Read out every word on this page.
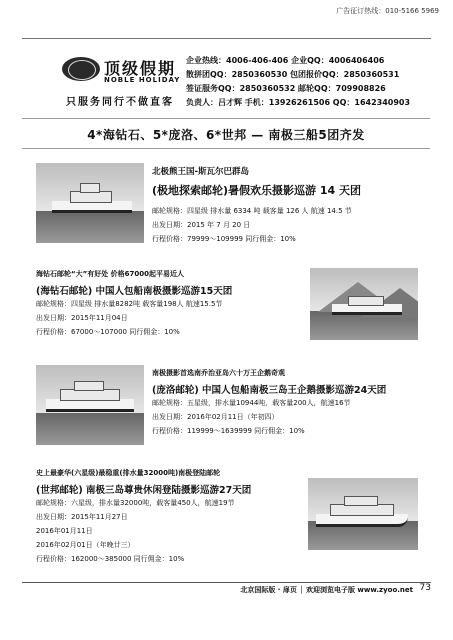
广告征订热线：010-5166 5969
顶级假期
NOBLE HOLIDAY
只服务同行不做直客
企业热线：4006-406-406 企业QQ：4006406406
散拼团QQ：2850360530 包团报价QQ：2850360531
签证服务QQ：2850360532 邮轮QQ：709908826
负责人：吕才辉 手机：13926261506 QQ：1642340903
4*海钻石、5*庞洛、6*世邦 — 南极三船5团齐发
北极熊王国-斯瓦尔巴群岛
(极地探索邮轮)暑假欢乐摄影巡游 14 天团
邮轮规格：四星级 排水量 6334 吨 载客量 126 人 航速 14.5 节
出发日期：2015 年 7 月 20 日
行程价格：79999～109999 同行佣金：10%
海钻石邮轮“大”有好处 价格67000起平易近人
(海钻石邮轮) 中国人包船南极摄影巡游15天团
邮轮规格：四星级 排水量8282吨 载客量198人 航速15.5节
出发日期：2015年11月04日
行程价格：67000～107000 同行佣金：10%
南极摄影首选南乔治亚岛六十万王企鹅奇观
(庞洛邮轮) 中国人包船南极三岛王企鹅摄影巡游24天团
邮轮规格：五星级，排水量10944吨，载客量200人，航速16节
出发日期：2016年02月11日（年初四）
行程价格：119999～1639999 同行佣金：10%
史上最豪华(六星级)最稳重(排水量32000吨)南极登陆邮轮
(世邦邮轮) 南极三岛尊贵休闲登陆摄影巡游27天团
邮轮规格：六星级，排水量32000吨，载客量450人，航速19节
出发日期：2015年11月27日
2016年01月11日
2016年02月01日（年晚廿三）
行程价格：162000～385000 同行佣金：10%
北京国际版 · 扉页 │ 欢迎浏览电子版 www.zyoo.net 73
